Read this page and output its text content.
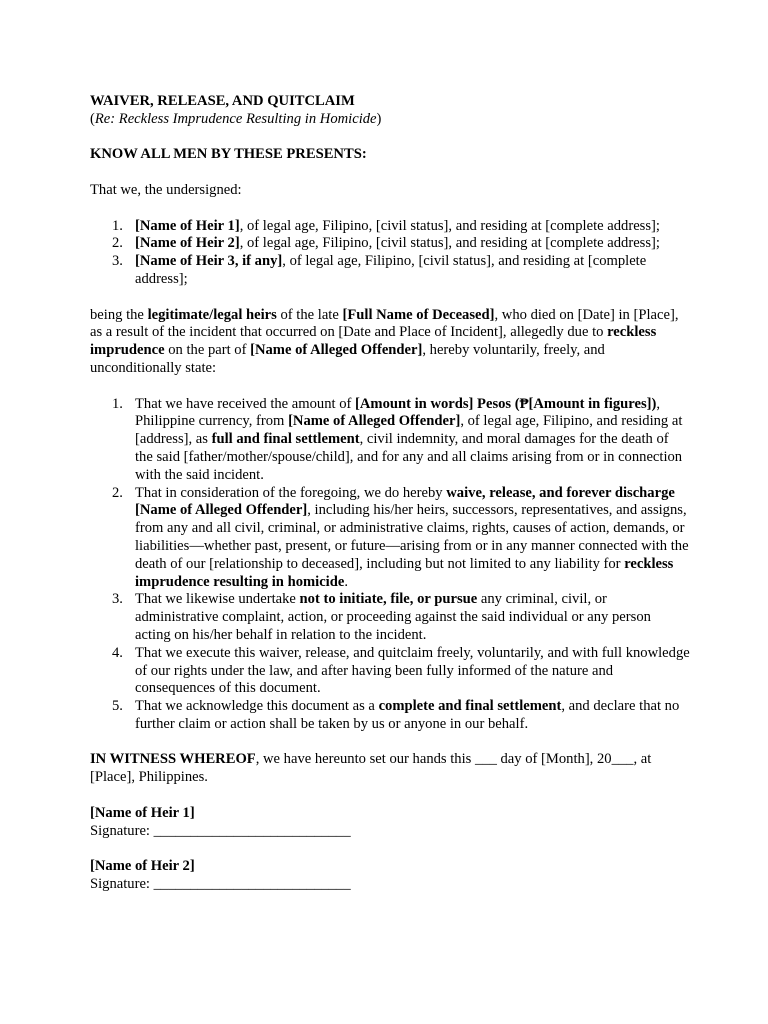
WAIVER, RELEASE, AND QUITCLAIM

(Re: Reckless Imprudence Resulting in Homicide)

KNOW ALL MEN BY THESE PRESENTS:

That we, the undersigned:

1. [Name of Heir 1], of legal age, Filipino, [civil status], and residing at [complete address];
2. [Name of Heir 2], of legal age, Filipino, [civil status], and residing at [complete address];
3. [Name of Heir 3, if any], of legal age, Filipino, [civil status], and residing at [complete address];

being the legitimate/legal heirs of the late [Full Name of Deceased], who died on [Date] in [Place], as a result of the incident that occurred on [Date and Place of Incident], allegedly due to reckless imprudence on the part of [Name of Alleged Offender], hereby voluntarily, freely, and unconditionally state:

1. That we have received the amount of [Amount in words] Pesos (₱[Amount in figures]), Philippine currency, from [Name of Alleged Offender], of legal age, Filipino, and residing at [address], as full and final settlement, civil indemnity, and moral damages for the death of the said [father/mother/spouse/child], and for any and all claims arising from or in connection with the said incident.
2. That in consideration of the foregoing, we do hereby waive, release, and forever discharge [Name of Alleged Offender], including his/her heirs, successors, representatives, and assigns, from any and all civil, criminal, or administrative claims, rights, causes of action, demands, or liabilities—whether past, present, or future—arising from or in any manner connected with the death of our [relationship to deceased], including but not limited to any liability for reckless imprudence resulting in homicide.
3. That we likewise undertake not to initiate, file, or pursue any criminal, civil, or administrative complaint, action, or proceeding against the said individual or any person acting on his/her behalf in relation to the incident.
4. That we execute this waiver, release, and quitclaim freely, voluntarily, and with full knowledge of our rights under the law, and after having been fully informed of the nature and consequences of this document.
5. That we acknowledge this document as a complete and final settlement, and declare that no further claim or action shall be taken by us or anyone in our behalf.

IN WITNESS WHEREOF, we have hereunto set our hands this ___ day of [Month], 20___, at [Place], Philippines.

[Name of Heir 1]

Signature: ___________________________

[Name of Heir 2]

Signature: ___________________________
